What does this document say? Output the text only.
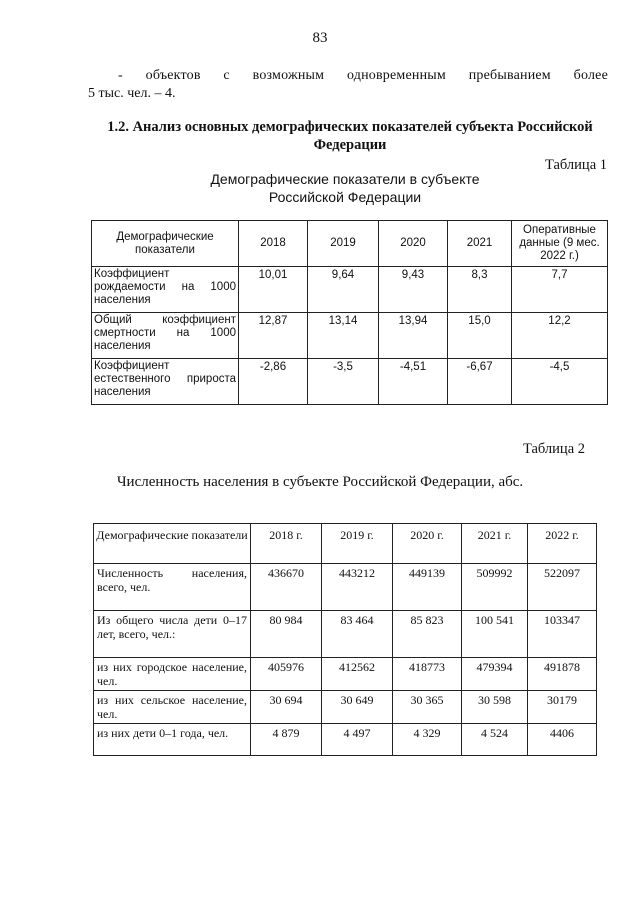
83
- объектов с возможным одновременным пребыванием более
5 тыс. чел. – 4.
1.2. Анализ основных демографических показателей субъекта Российской
Федерации
Таблица 1
Демографические показатели в субъекте
Российской Федерации
Демографические показатели	2018	2019	2020	2021	Оперативные данные (9 мес. 2022 г.)
Коэффициент рождаемости на 1000 населения	10,01	9,64	9,43	8,3	7,7
Общий коэффициент смертности на 1000 населения	12,87	13,14	13,94	15,0	12,2
Коэффициент естественного прироста населения	-2,86	-3,5	-4,51	-6,67	-4,5
Таблица 2
Численность населения в субъекте Российской Федерации, абс.
Демографические показатели	2018 г.	2019 г.	2020 г.	2021 г.	2022 г.
Численность населения, всего, чел.	436670	443212	449139	509992	522097
Из общего числа дети 0–17 лет, всего, чел.:	80 984	83 464	85 823	100 541	103347
из них городское население, чел.	405976	412562	418773	479394	491878
из них сельское население, чел.	30 694	30 649	30 365	30 598	30179
из них дети 0–1 года, чел.	4 879	4 497	4 329	4 524	4406
